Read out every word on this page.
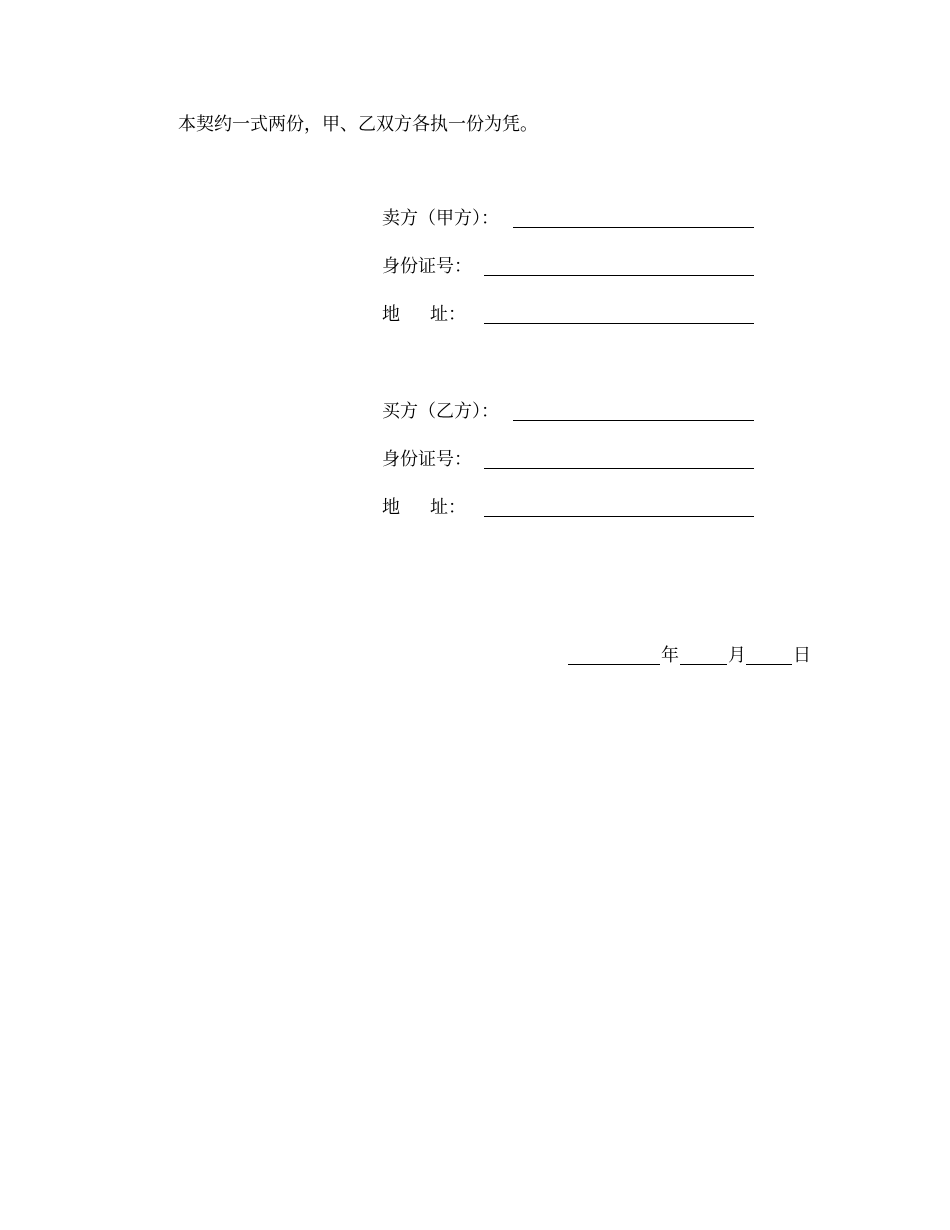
本契约一式两份，甲、乙双方各执一份为凭。
卖方（甲方）：
身份证号：
地 址：
买方（乙方）：
身份证号：
地 址：
年	月	日
